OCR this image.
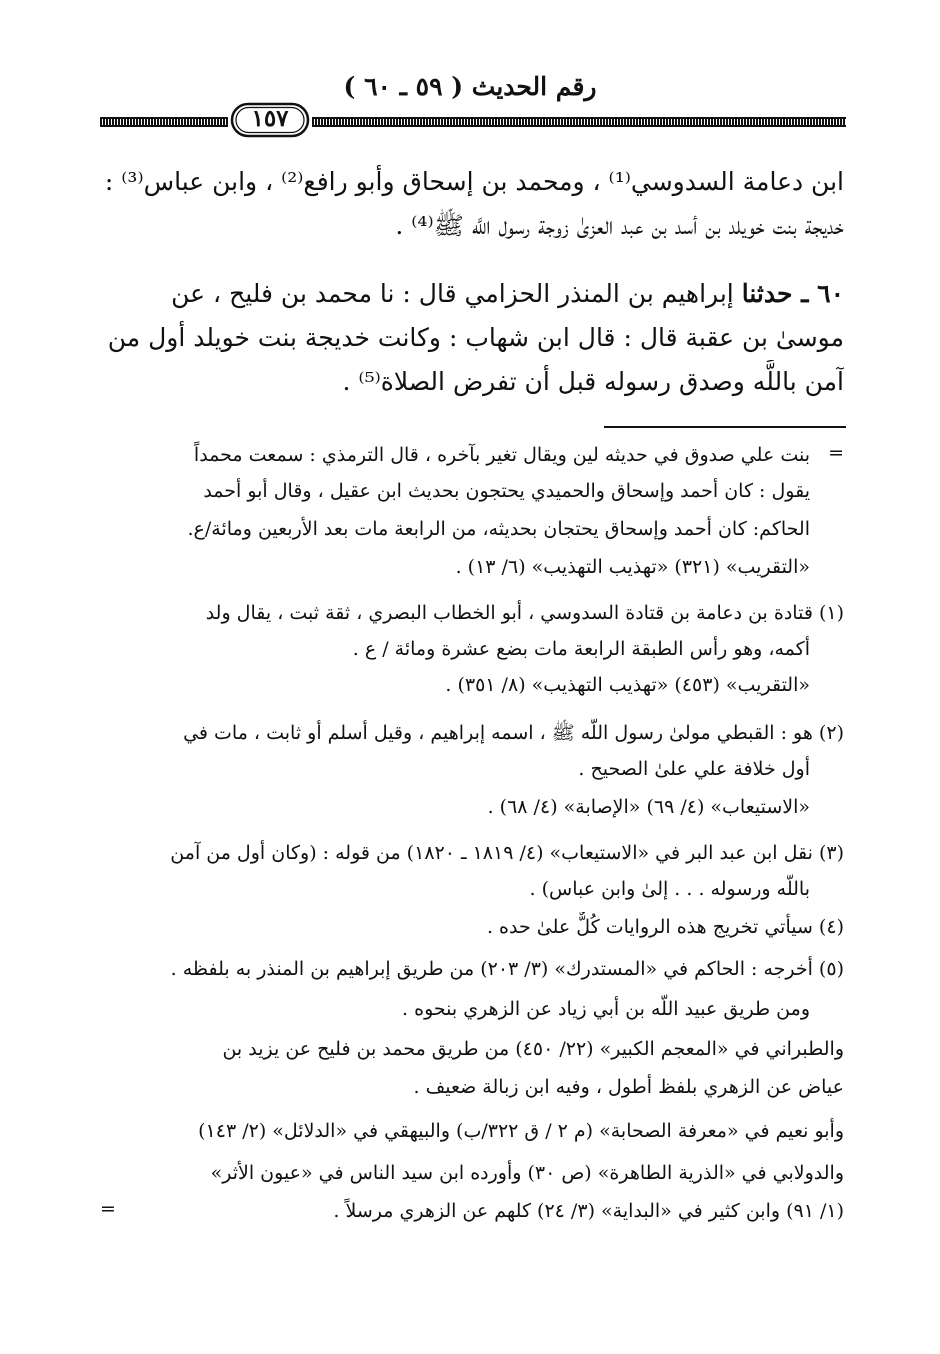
رقم الحديث ( ٥٩ ـ ٦٠ )
١٥٧
ابن دعامة السدوسي⁽¹⁾ ، ومحمد بن إسحاق وأبو رافع⁽²⁾ ، وابن عباس⁽³⁾ :
خديجة بنت خويلد بن أسد بن عبد العزىٰ زوجة رسول اللَّه ﷺ⁽⁴⁾ .
٦٠ ـ حدثنا إبراهيم بن المنذر الحزامي قال : نا محمد بن فليح ، عن
موسىٰ بن عقبة قال : قال ابن شهاب : وكانت خديجة بنت خويلد أول من
آمن باللَّه وصدق رسوله قبل أن تفرض الصلاة⁽⁵⁾ .
=
بنت علي صدوق في حديثه لين ويقال تغير بآخره ، قال الترمذي : سمعت محمداً
يقول : كان أحمد وإسحاق والحميدي يحتجون بحديث ابن عقيل ، وقال أبو أحمد
الحاكم: كان أحمد وإسحاق يحتجان بحديثه، من الرابعة مات بعد الأربعين ومائة/ع.
«التقريب» (٣٢١) «تهذيب التهذيب» (٦/ ١٣) .
(١) قتادة بن دعامة بن قتادة السدوسي ، أبو الخطاب البصري ، ثقة ثبت ، يقال ولد
أكمه، وهو رأس الطبقة الرابعة مات بضع عشرة ومائة / ع .
«التقريب» (٤٥٣) «تهذيب التهذيب» (٨/ ٣٥١) .
(٢) هو : القبطي مولىٰ رسول اللَّه ﷺ ، اسمه إبراهيم ، وقيل أسلم أو ثابت ، مات في
أول خلافة علي علىٰ الصحيح .
«الاستيعاب» (٤/ ٦٩) «الإصابة» (٤/ ٦٨) .
(٣) نقل ابن عبد البر في «الاستيعاب» (٤/ ١٨١٩ ـ ١٨٢٠) من قوله : (وكان أول من آمن
باللَّه ورسوله . . . إلىٰ وابن عباس) .
(٤) سيأتي تخريج هذه الروايات كُلٌّ علىٰ حده .
(٥) أخرجه : الحاكم في «المستدرك» (٣/ ٢٠٣) من طريق إبراهيم بن المنذر به بلفظه .
ومن طريق عبيد اللَّه بن أبي زياد عن الزهري بنحوه .
والطبراني في «المعجم الكبير» (٢٢/ ٤٥٠) من طريق محمد بن فليح عن يزيد بن
عياض عن الزهري بلفظ أطول ، وفيه ابن زبالة ضعيف .
وأبو نعيم في «معرفة الصحابة» (م ٢ / ق ٣٢٢/ب) والبيهقي في «الدلائل» (٢/ ١٤٣)
والدولابي في «الذرية الطاهرة» (ص ٣٠) وأورده ابن سيد الناس في «عيون الأثر»
(١/ ٩١) وابن كثير في «البداية» (٣/ ٢٤) كلهم عن الزهري مرسلاً .
=
